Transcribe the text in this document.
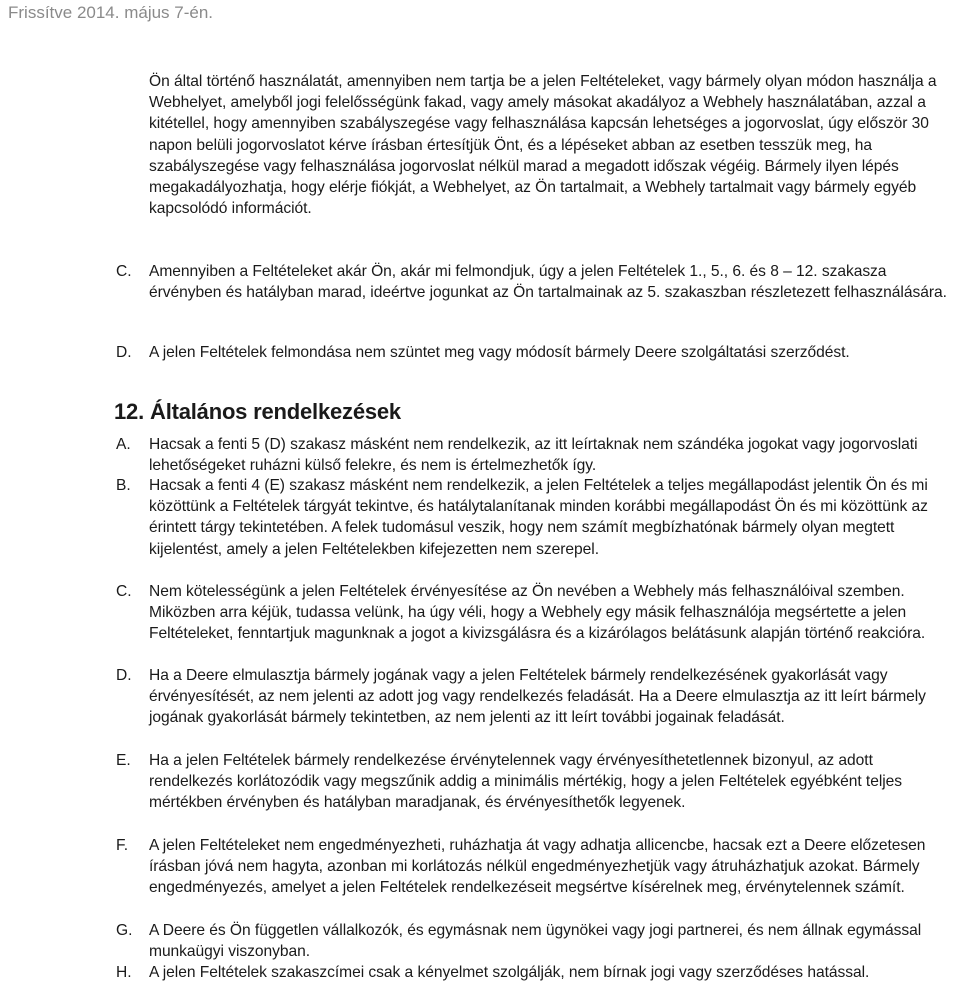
Frissítve 2014. május 7-én.

Ön által történő használatát, amennyiben nem tartja be a jelen Feltételeket, vagy bármely olyan módon használja a Webhelyet, amelyből jogi felelősségünk fakad, vagy amely másokat akadályoz a Webhely használatában, azzal a kitétellel, hogy amennyiben szabályszegése vagy felhasználása kapcsán lehetséges a jogorvoslat, úgy először 30 napon belüli jogorvoslatot kérve írásban értesítjük Önt, és a lépéseket abban az esetben tesszük meg, ha szabályszegése vagy felhasználása jogorvoslat nélkül marad a megadott időszak végéig. Bármely ilyen lépés megakadályozhatja, hogy elérje fiókját, a Webhelyet, az Ön tartalmait, a Webhely tartalmait vagy bármely egyéb kapcsolódó információt.

C. Amennyiben a Feltételeket akár Ön, akár mi felmondjuk, úgy a jelen Feltételek 1., 5., 6. és 8 – 12. szakasza érvényben és hatályban marad, ideértve jogunkat az Ön tartalmainak az 5. szakaszban részletezett felhasználására.
D. A jelen Feltételek felmondása nem szüntet meg vagy módosít bármely Deere szolgáltatási szerződést.
12. Általános rendelkezések
A. Hacsak a fenti 5 (D) szakasz másként nem rendelkezik, az itt leírtaknak nem szándéka jogokat vagy jogorvoslati lehetőségeket ruházni külső felekre, és nem is értelmezhetők így.
B. Hacsak a fenti 4 (E) szakasz másként nem rendelkezik, a jelen Feltételek a teljes megállapodást jelentik Ön és mi közöttünk a Feltételek tárgyát tekintve, és hatálytalanítanak minden korábbi megállapodást Ön és mi közöttünk az érintett tárgy tekintetében. A felek tudomásul veszik, hogy nem számít megbízhatónak bármely olyan megtett kijelentést, amely a jelen Feltételekben kifejezetten nem szerepel.
C. Nem kötelességünk a jelen Feltételek érvényesítése az Ön nevében a Webhely más felhasználóival szemben. Miközben arra kéjük, tudassa velünk, ha úgy véli, hogy a Webhely egy másik felhasználója megsértette a jelen Feltételeket, fenntartjuk magunknak a jogot a kivizsgálásra és a kizárólagos belátásunk alapján történő reakcióra.
D. Ha a Deere elmulasztja bármely jogának vagy a jelen Feltételek bármely rendelkezésének gyakorlását vagy érvényesítését, az nem jelenti az adott jog vagy rendelkezés feladását. Ha a Deere elmulasztja az itt leírt bármely jogának gyakorlását bármely tekintetben, az nem jelenti az itt leírt további jogainak feladását.
E. Ha a jelen Feltételek bármely rendelkezése érvénytelennek vagy érvényesíthetetlennek bizonyul, az adott rendelkezés korlátozódik vagy megszűnik addig a minimális mértékig, hogy a jelen Feltételek egyébként teljes mértékben érvényben és hatályban maradjanak, és érvényesíthetők legyenek.
F. A jelen Feltételeket nem engedményezheti, ruházhatja át vagy adhatja allicencbe, hacsak ezt a Deere előzetesen írásban jóvá nem hagyta, azonban mi korlátozás nélkül engedményezhetjük vagy átruházhatjuk azokat. Bármely engedményezés, amelyet a jelen Feltételek rendelkezéseit megsértve kísérelnek meg, érvénytelennek számít.
G. A Deere és Ön független vállalkozók, és egymásnak nem ügynökei vagy jogi partnerei, és nem állnak egymással munkaügyi viszonyban.
H. A jelen Feltételek szakaszcímei csak a kényelmet szolgálják, nem bírnak jogi vagy szerződéses hatással.
